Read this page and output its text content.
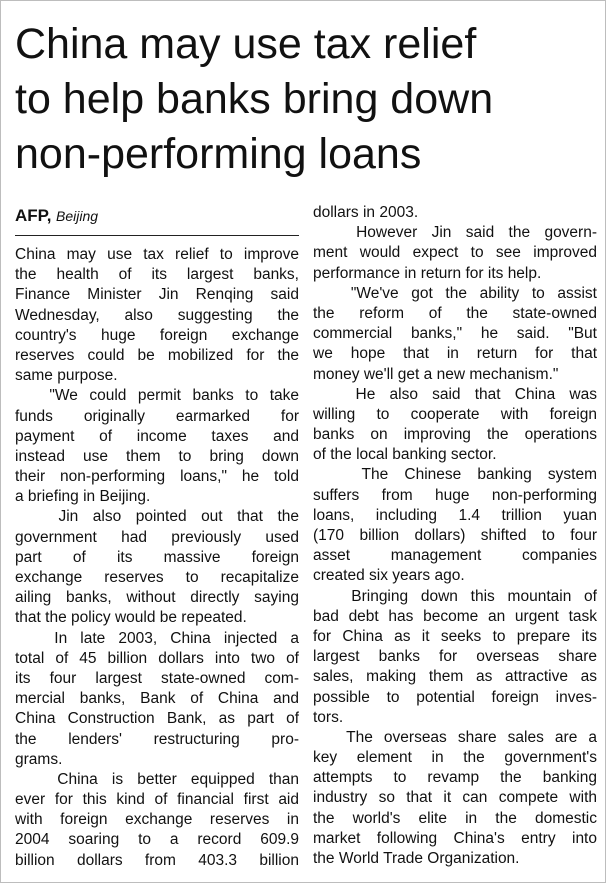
China may use tax relief
to help banks bring down
non-performing loans
AFP, Beijing
China may use tax relief to improve
the health of its largest banks,
Finance Minister Jin Renqing said
Wednesday, also suggesting the
country's huge foreign exchange
reserves could be mobilized for the
same purpose.
"We could permit banks to take
funds originally earmarked for
payment of income taxes and
instead use them to bring down
their non-performing loans," he told
a briefing in Beijing.
Jin also pointed out that the
government had previously used
part of its massive foreign
exchange reserves to recapitalize
ailing banks, without directly saying
that the policy would be repeated.
In late 2003, China injected a
total of 45 billion dollars into two of
its four largest state-owned com-
mercial banks, Bank of China and
China Construction Bank, as part of
the lenders' restructuring pro-
grams.
China is better equipped than
ever for this kind of financial first aid
with foreign exchange reserves in
2004 soaring to a record 609.9
billion dollars from 403.3 billion
dollars in 2003.
However Jin said the govern-
ment would expect to see improved
performance in return for its help.
"We've got the ability to assist
the reform of the state-owned
commercial banks," he said. "But
we hope that in return for that
money we'll get a new mechanism."
He also said that China was
willing to cooperate with foreign
banks on improving the operations
of the local banking sector.
The Chinese banking system
suffers from huge non-performing
loans, including 1.4 trillion yuan
(170 billion dollars) shifted to four
asset management companies
created six years ago.
Bringing down this mountain of
bad debt has become an urgent task
for China as it seeks to prepare its
largest banks for overseas share
sales, making them as attractive as
possible to potential foreign inves-
tors.
The overseas share sales are a
key element in the government's
attempts to revamp the banking
industry so that it can compete with
the world's elite in the domestic
market following China's entry into
the World Trade Organization.
